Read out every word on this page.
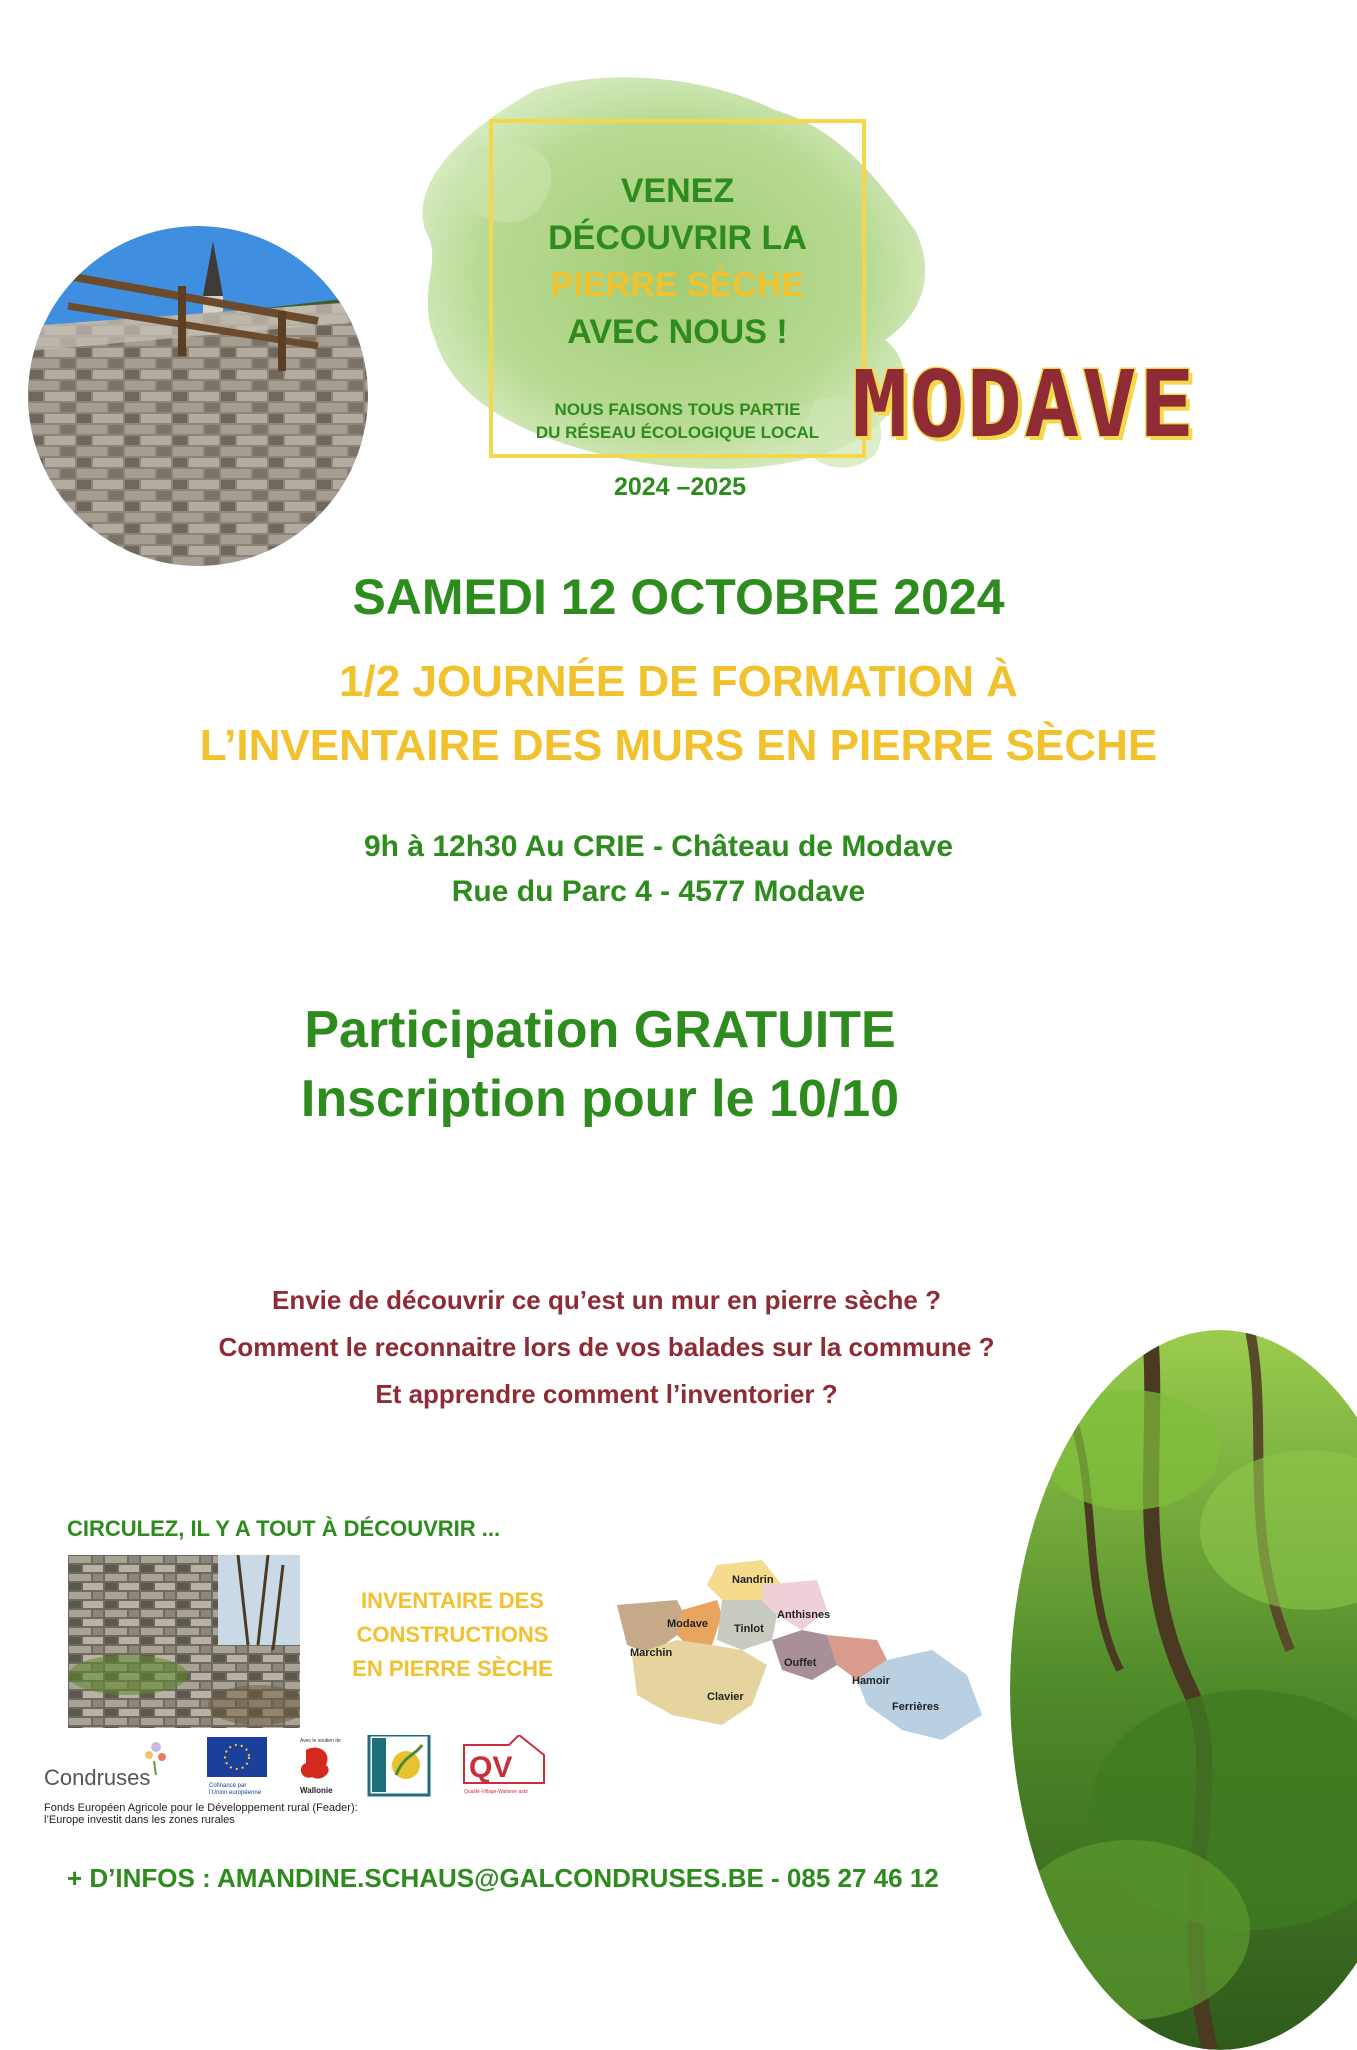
VENEZ
DÉCOUVRIR LA
PIERRE SÈCHE
AVEC NOUS !
NOUS FAISONS TOUS PARTIE
DU RÉSEAU ÉCOLOGIQUE LOCAL
2024 –2025
MODAVE
SAMEDI 12 OCTOBRE 2024
1/2 JOURNÉE DE FORMATION À
L’INVENTAIRE DES MURS EN PIERRE SÈCHE
9h à 12h30 Au CRIE - Château de Modave
Rue du Parc 4 - 4577 Modave
Participation GRATUITE
Inscription pour le 10/10
Envie de découvrir ce qu’est un mur en pierre sèche ?
Comment le reconnaitre lors de vos balades sur la commune ?
Et apprendre comment l’inventorier ?
CIRCULEZ, IL Y A TOUT À DÉCOUVRIR ...
INVENTAIRE DES
CONSTRUCTIONS
EN PIERRE SÈCHE
Nandrin
Modave Tinlot
Anthisnes
Marchin
Ouffet
Clavier
Hamoir
Ferrières
Condruses	Cofinancé par
l’Union européenne
Avec le soutien de
Wallonie
QV
Qualité-Village-Wallonie asbl
Fonds Européen Agricole pour le Développement rural (Feader):
l’Europe investit dans les zones rurales
+ D’INFOS : AMANDINE.SCHAUS@GALCONDRUSES.BE - 085 27 46 12
